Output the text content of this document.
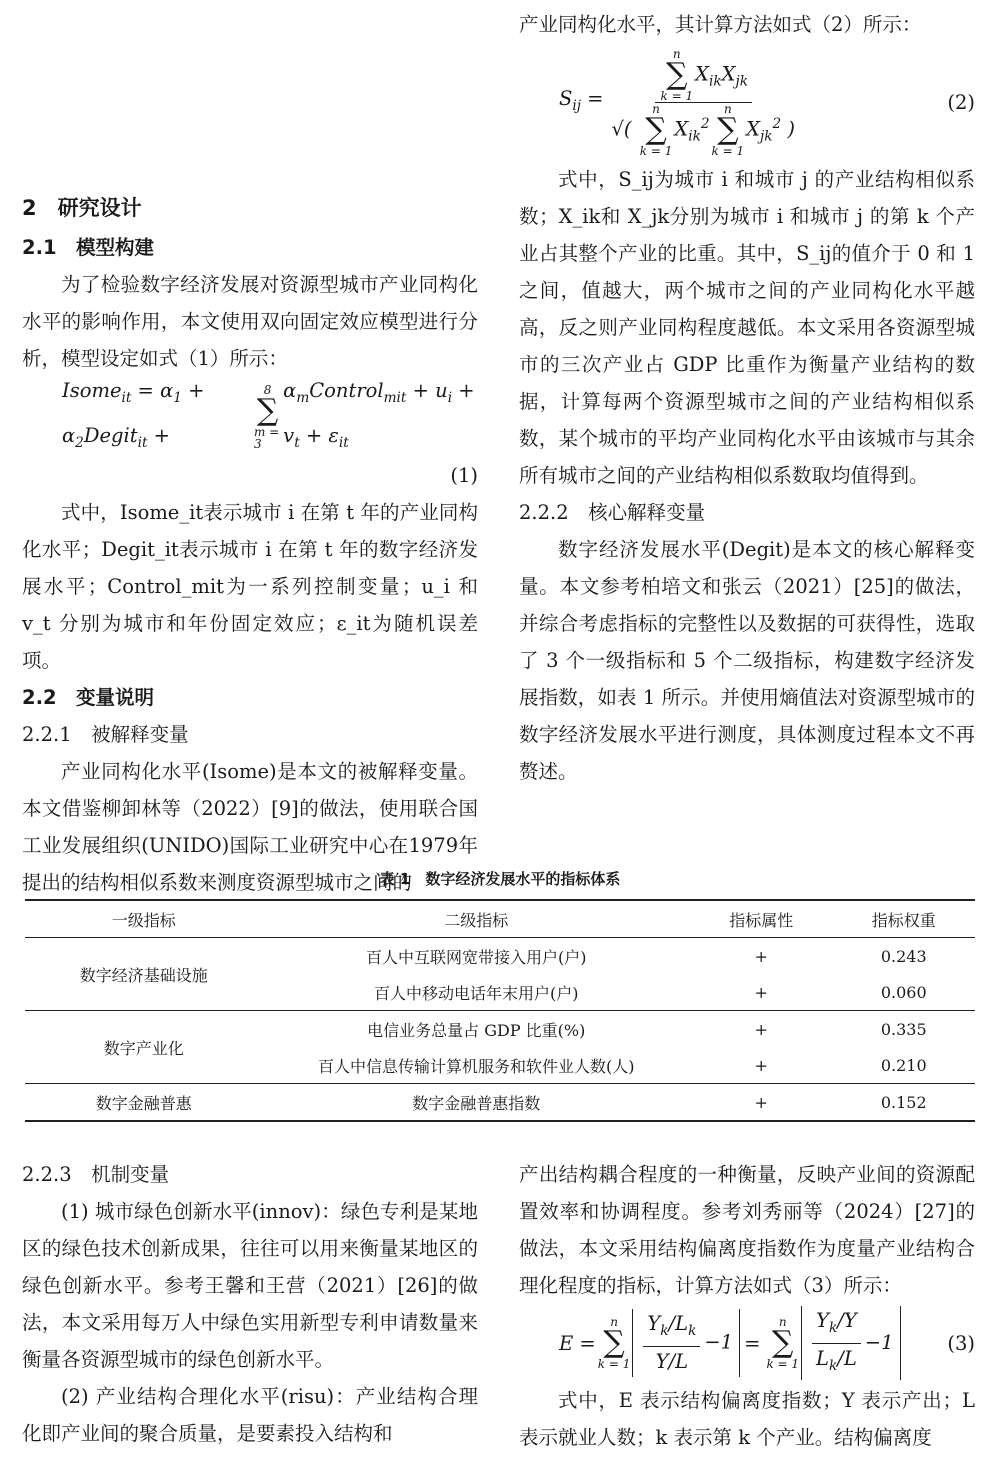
2　 研究设计

2.1　模型构建

为了检验数字经济发展对资源型城市产业同构化水平的影响作用，本文使用双向固定效应模型进行分析，模型设定如式（1）所示：

Isome$_{it}$ = $\alpha_1$ + $\alpha_2Degit_{it}$ +
8
∑
m = 3
$\alpha_mControl_{mit} + u_i + v_t + \varepsilon_{it}$

(1)

式中，Isome_it表示城市 i 在第 t 年的产业同构化水平；Degit_it表示城市 i 在第 t 年的数字经济发展水平；Control_mit为一系列控制变量；u_i 和 v_t 分别为城市和年份固定效应；ε_it为随机误差项。

2.2　变量说明

2.2.1　被解释变量

产业同构化水平(Isome)是本文的被解释变量。本文借鉴柳卸林等（2022）[9]的做法，使用联合国工业发展组织(UNIDO)国际工业研究中心在1979年提出的结构相似系数来测度资源型城市之间的

产业同构化水平，其计算方法如式（2）所示：

$S_{ij} = n$
∑
k = 1
$X_{ik}X_{jk}$
√(
n
∑
k = 1
$X_{ik}^2$
n
∑
k = 1
$X_{jk}^2$ )	(2)

式中，S_ij为城市 i 和城市 j 的产业结构相似系数；X_ik和 X_jk分别为城市 i 和城市 j 的第 k 个产业占其整个产业的比重。其中，S_ij的值介于 0 和 1 之间，值越大，两个城市之间的产业同构化水平越高，反之则产业同构程度越低。本文采用各资源型城市的三次产业占 GDP 比重作为衡量产业结构的数据，计算每两个资源型城市之间的产业结构相似系数，某个城市的平均产业同构化水平由该城市与其余所有城市之间的产业结构相似系数取均值得到。

2.2.2　核心解释变量

数字经济发展水平(Degit)是本文的核心解释变量。本文参考柏培文和张云（2021）[25]的做法，并综合考虑指标的完整性以及数据的可获得性，选取了 3 个一级指标和 5 个二级指标，构建数字经济发展指数，如表 1 所示。并使用熵值法对资源型城市的数字经济发展水平进行测度，具体测度过程本文不再赘述。

表 1　数字经济发展水平的指标体系
一级指标	二级指标	指标属性	指标权重
数字经济基础设施	百人中互联网宽带接入用户(户)	+	0.243
	百人中移动电话年末用户(户)	+	0.060
数字产业化	电信业务总量占 GDP 比重(%)	+	0.335
	百人中信息传输计算机服务和软件业人数(人)	+	0.210
数字金融普惠	数字金融普惠指数	+	0.152

2.2.3　机制变量

(1) 城市绿色创新水平(innov)：绿色专利是某地区的绿色技术创新成果，往往可以用来衡量某地区的绿色创新水平。参考王馨和王营（2021）[26]的做法，本文采用每万人中绿色实用新型专利申请数量来衡量各资源型城市的绿色创新水平。

(2) 产业结构合理化水平(risu)：产业结构合理化即产业间的聚合质量，是要素投入结构和

产出结构耦合程度的一种衡量，反映产业间的资源配置效率和协调程度。参考刘秀丽等（2024）[27]的做法，本文采用结构偏离度指数作为度量产业结构合理化程度的指标，计算方法如式（3）所示：

E =
n
∑
$k = 1 \frac{Y_k/L_k}{Y/L} -1$ =
n
∑
$k = 1 \frac{Y_k/Y}{L_k/L} -1$	(3)

式中，E 表示结构偏离度指数；Y 表示产出；L 表示就业人数；k 表示第 k 个产业。结构偏离度
